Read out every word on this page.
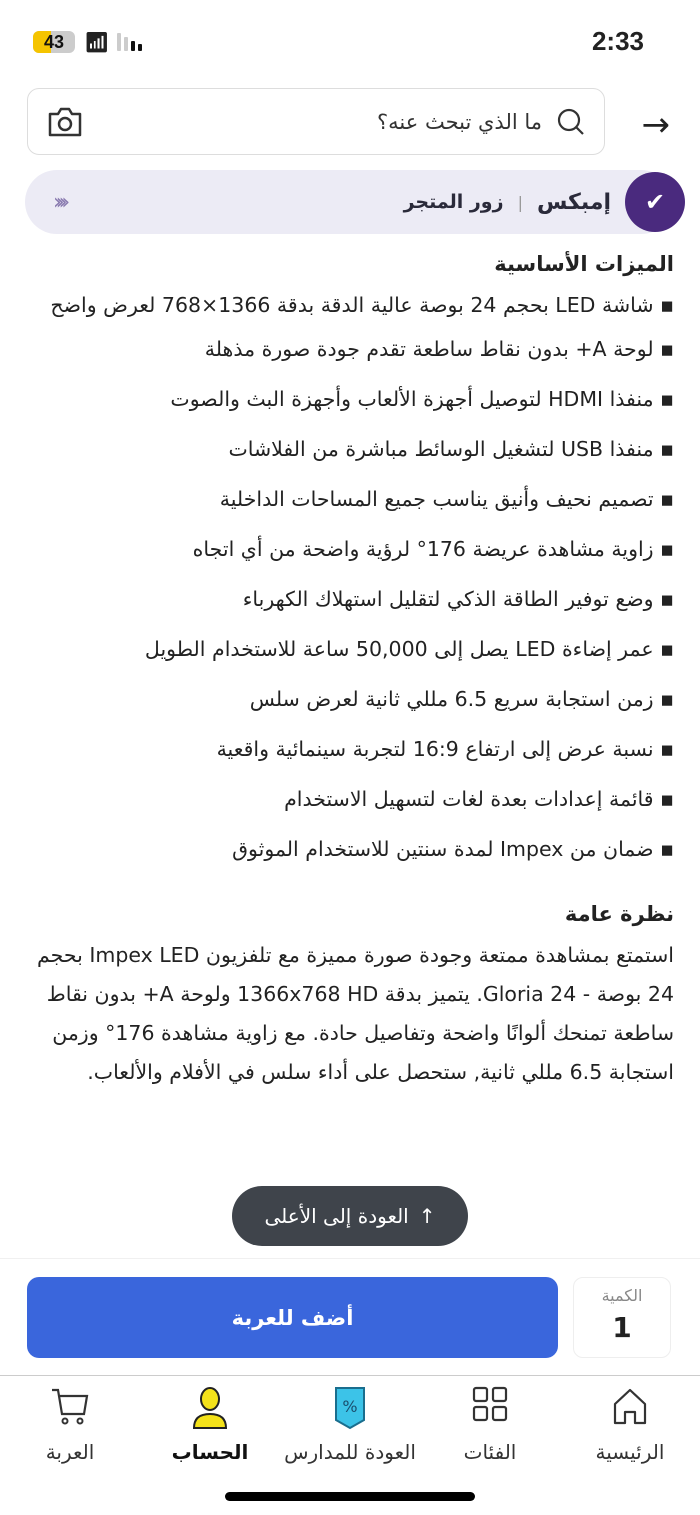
43 📶︎	2:33
→
ما الذي تبحث عنه؟
✔
إمبكس
|
زور المتجر
‹‹‹‹
الميزات الأساسية
▪ شاشة LED بحجم 24 بوصة عالية الدقة بدقة 1366×768 لعرض واضح
▪ لوحة A+ بدون نقاط ساطعة تقدم جودة صورة مذهلة
▪ منفذا HDMI لتوصيل أجهزة الألعاب وأجهزة البث والصوت
▪ منفذا USB لتشغيل الوسائط مباشرة من الفلاشات
▪ تصميم نحيف وأنيق يناسب جميع المساحات الداخلية
▪ زاوية مشاهدة عريضة 176° لرؤية واضحة من أي اتجاه
▪ وضع توفير الطاقة الذكي لتقليل استهلاك الكهرباء
▪ عمر إضاءة LED يصل إلى 50,000 ساعة للاستخدام الطويل
▪ زمن استجابة سريع 6.5 مللي ثانية لعرض سلس
▪ نسبة عرض إلى ارتفاع 16:9 لتجربة سينمائية واقعية
▪ قائمة إعدادات بعدة لغات لتسهيل الاستخدام
▪ ضمان من Impex لمدة سنتين للاستخدام الموثوق
نظرة عامة

استمتع بمشاهدة ممتعة وجودة صورة مميزة مع تلفزيون Impex LED بحجم 24 بوصة - Gloria 24. يتميز بدقة 1366x768 HD ولوحة A+ بدون نقاط ساطعة تمنحك ألوانًا واضحة وتفاصيل حادة. مع زاوية مشاهدة 176° وزمن استجابة 6.5 مللي ثانية, ستحصل على أداء سلس في الأفلام والألعاب.

↑
العودة إلى الأعلى
أضف للعربة
الكمية
1
الرئيسية
الفئات
%
العودة للمدارس
الحساب
العربة
